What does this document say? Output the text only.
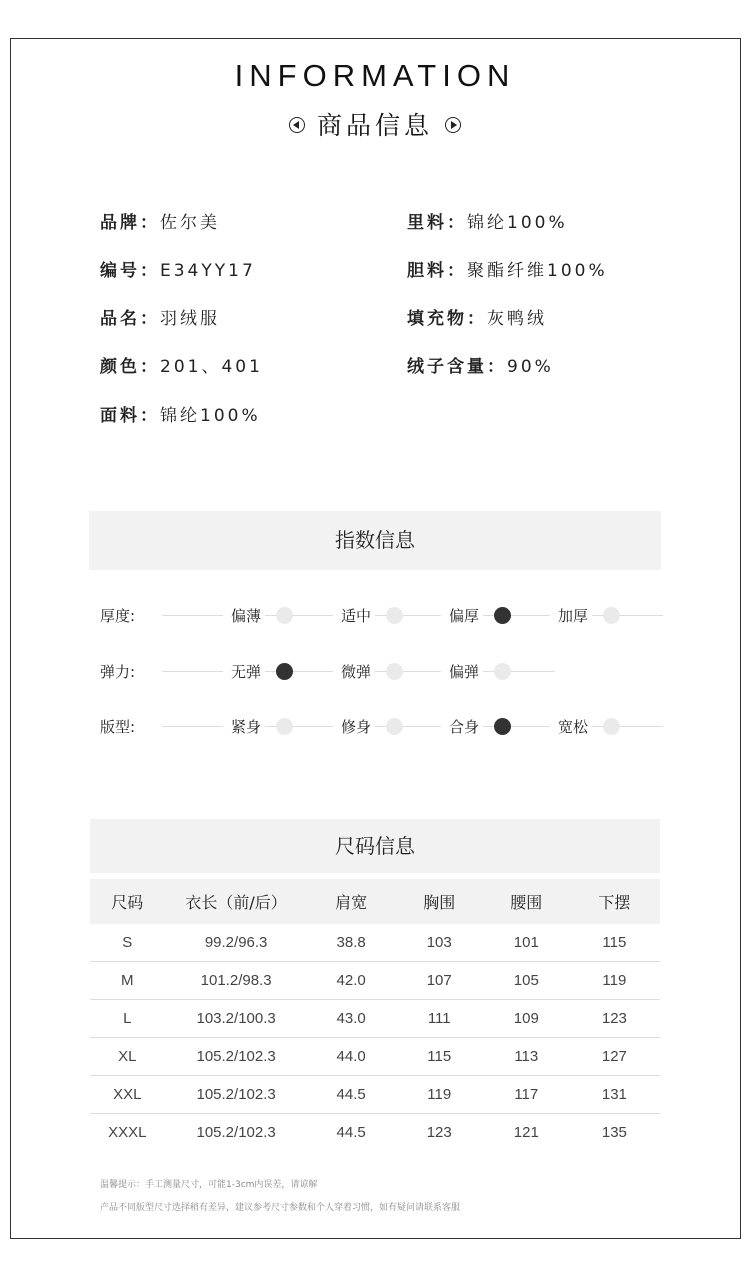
INFORMATION
商品信息
品牌：佐尔美
编号：E34YY17
品名：羽绒服
颜色：201、401
面料：锦纶100%
里料：锦纶100%
胆料：聚酯纤维100%
填充物：灰鸭绒
绒子含量：90%
指数信息
厚度:	偏薄	适中	偏厚	加厚
弹力:	无弹	微弹	偏弹
版型:	紧身	修身	合身	宽松
尺码信息
尺码	衣长（前/后）	肩宽	胸围	腰围	下摆
S	99.2/96.3	38.8	103	101	115
M	101.2/98.3	42.0	107	105	119
L	103.2/100.3	43.0	111	109	123
XL	105.2/102.3	44.0	115	113	127
XXL	105.2/102.3	44.5	119	117	131
XXXL	105.2/102.3	44.5	123	121	135
温馨提示：手工测量尺寸，可能1-3cm内误差，请谅解
产品不同版型尺寸选择稍有差异，建议参考尺寸参数和个人穿着习惯，如有疑问请联系客服
